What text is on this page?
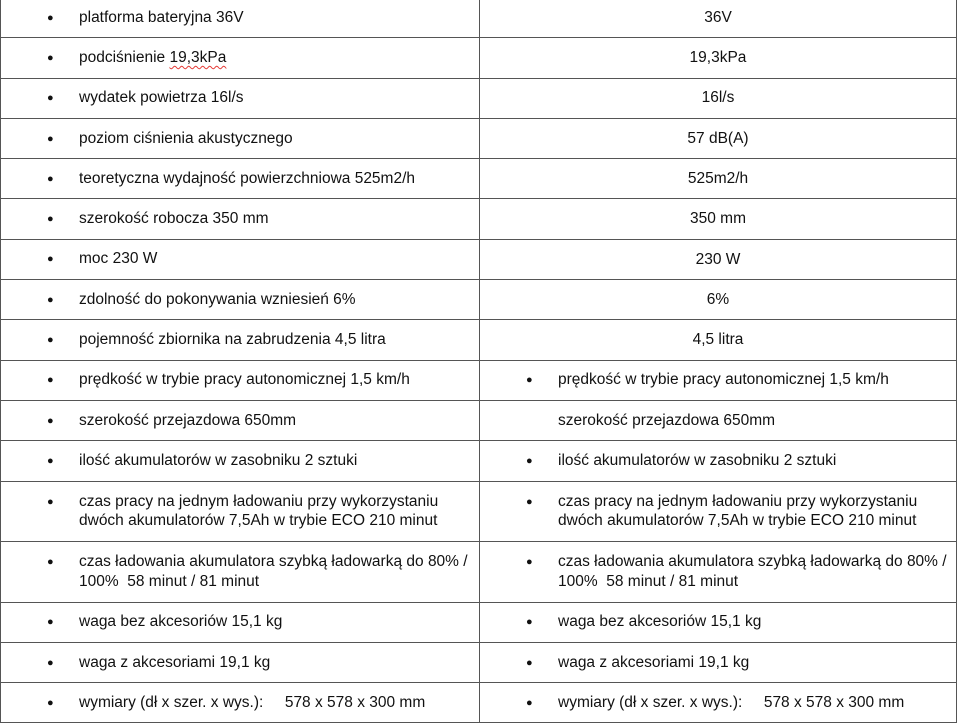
● platforma bateryjna 36V	36V

● podciśnienie 19,3kPa	19,3kPa

● wydatek powietrza 16l/s	16l/s

● poziom ciśnienia akustycznego	57 dB(A)

● teoretyczna wydajność powierzchniowa 525m2/h	525m2/h

● szerokość robocza 350 mm	350 mm

● moc 230 W	230 W

● zdolność do pokonywania wzniesień 6%	6%

● pojemność zbiornika na zabrudzenia 4,5 litra	4,5 litra

● prędkość w trybie pracy autonomicznej 1,5 km/h	● prędkość w trybie pracy autonomicznej 1,5 km/h

● szerokość przejazdowa 650mm	szerokość przejazdowa 650mm

● ilość akumulatorów w zasobniku 2 sztuki	● ilość akumulatorów w zasobniku 2 sztuki

● czas pracy na jednym ładowaniu przy wykorzystaniu dwóch akumulatorów 7,5Ah w trybie ECO 210 minut	● czas pracy na jednym ładowaniu przy wykorzystaniu dwóch akumulatorów 7,5Ah w trybie ECO 210 minut

● czas ładowania akumulatora szybką ładowarką do 80% / 100%  58 minut / 81 minut	● czas ładowania akumulatora szybką ładowarką do 80% / 100%  58 minut / 81 minut

● waga bez akcesoriów 15,1 kg	● waga bez akcesoriów 15,1 kg

● waga z akcesoriami 19,1 kg	● waga z akcesoriami 19,1 kg

● wymiary (dł x szer. x wys.):     578 x 578 x 300 mm	● wymiary (dł x szer. x wys.):     578 x 578 x 300 mm
